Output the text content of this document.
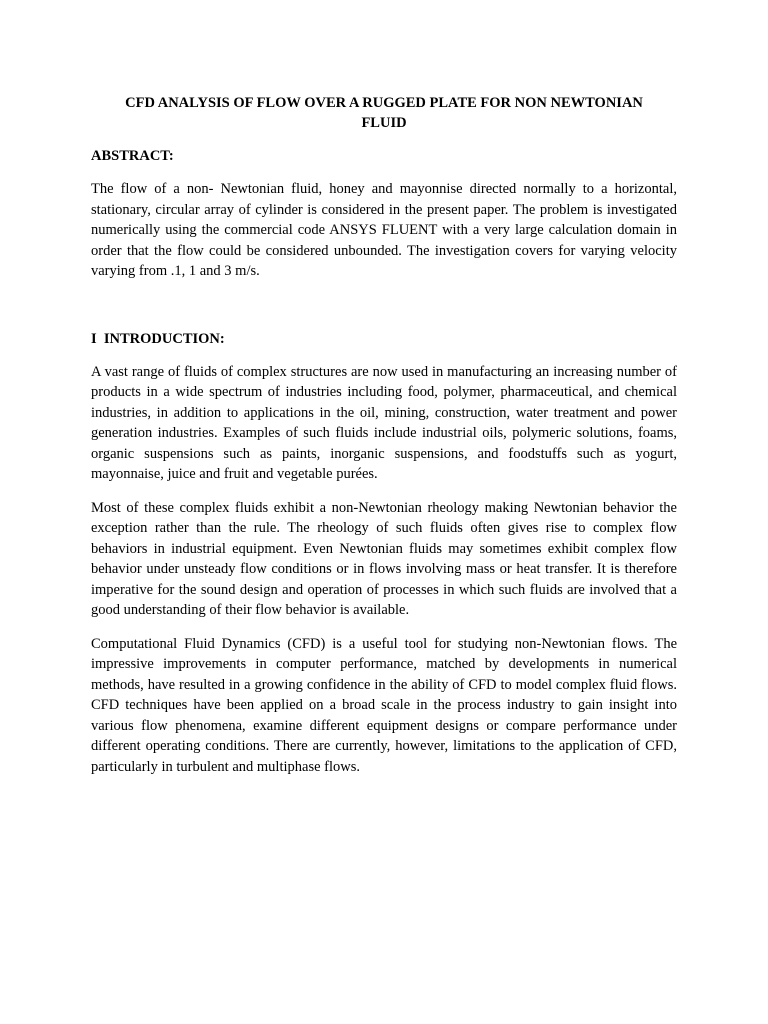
CFD ANALYSIS OF FLOW OVER A RUGGED PLATE FOR NON NEWTONIAN FLUID
ABSTRACT:

The flow of a non- Newtonian fluid, honey and mayonnise directed normally to a horizontal, stationary, circular array of cylinder is considered in the present paper. The problem is investigated numerically using the commercial code ANSYS FLUENT with a very large calculation domain in order that the flow could be considered unbounded. The investigation covers for varying velocity varying from .1, 1 and 3 m/s.

I  INTRODUCTION:

A vast range of fluids of complex structures are now used in manufacturing an increasing number of products in a wide spectrum of industries including food, polymer, pharmaceutical, and chemical industries, in addition to applications in the oil, mining, construction, water treatment and power generation industries. Examples of such fluids include industrial oils, polymeric solutions, foams, organic suspensions such as paints, inorganic suspensions, and foodstuffs such as yogurt, mayonnaise, juice and fruit and vegetable purées.

Most of these complex fluids exhibit a non-Newtonian rheology making Newtonian behavior the exception rather than the rule. The rheology of such fluids often gives rise to complex flow behaviors in industrial equipment. Even Newtonian fluids may sometimes exhibit complex flow behavior under unsteady flow conditions or in flows involving mass or heat transfer. It is therefore imperative for the sound design and operation of processes in which such fluids are involved that a good understanding of their flow behavior is available.

Computational Fluid Dynamics (CFD) is a useful tool for studying non-Newtonian flows. The impressive improvements in computer performance, matched by developments in numerical methods, have resulted in a growing confidence in the ability of CFD to model complex fluid flows. CFD techniques have been applied on a broad scale in the process industry to gain insight into various flow phenomena, examine different equipment designs or compare performance under different operating conditions. There are currently, however, limitations to the application of CFD, particularly in turbulent and multiphase flows.
